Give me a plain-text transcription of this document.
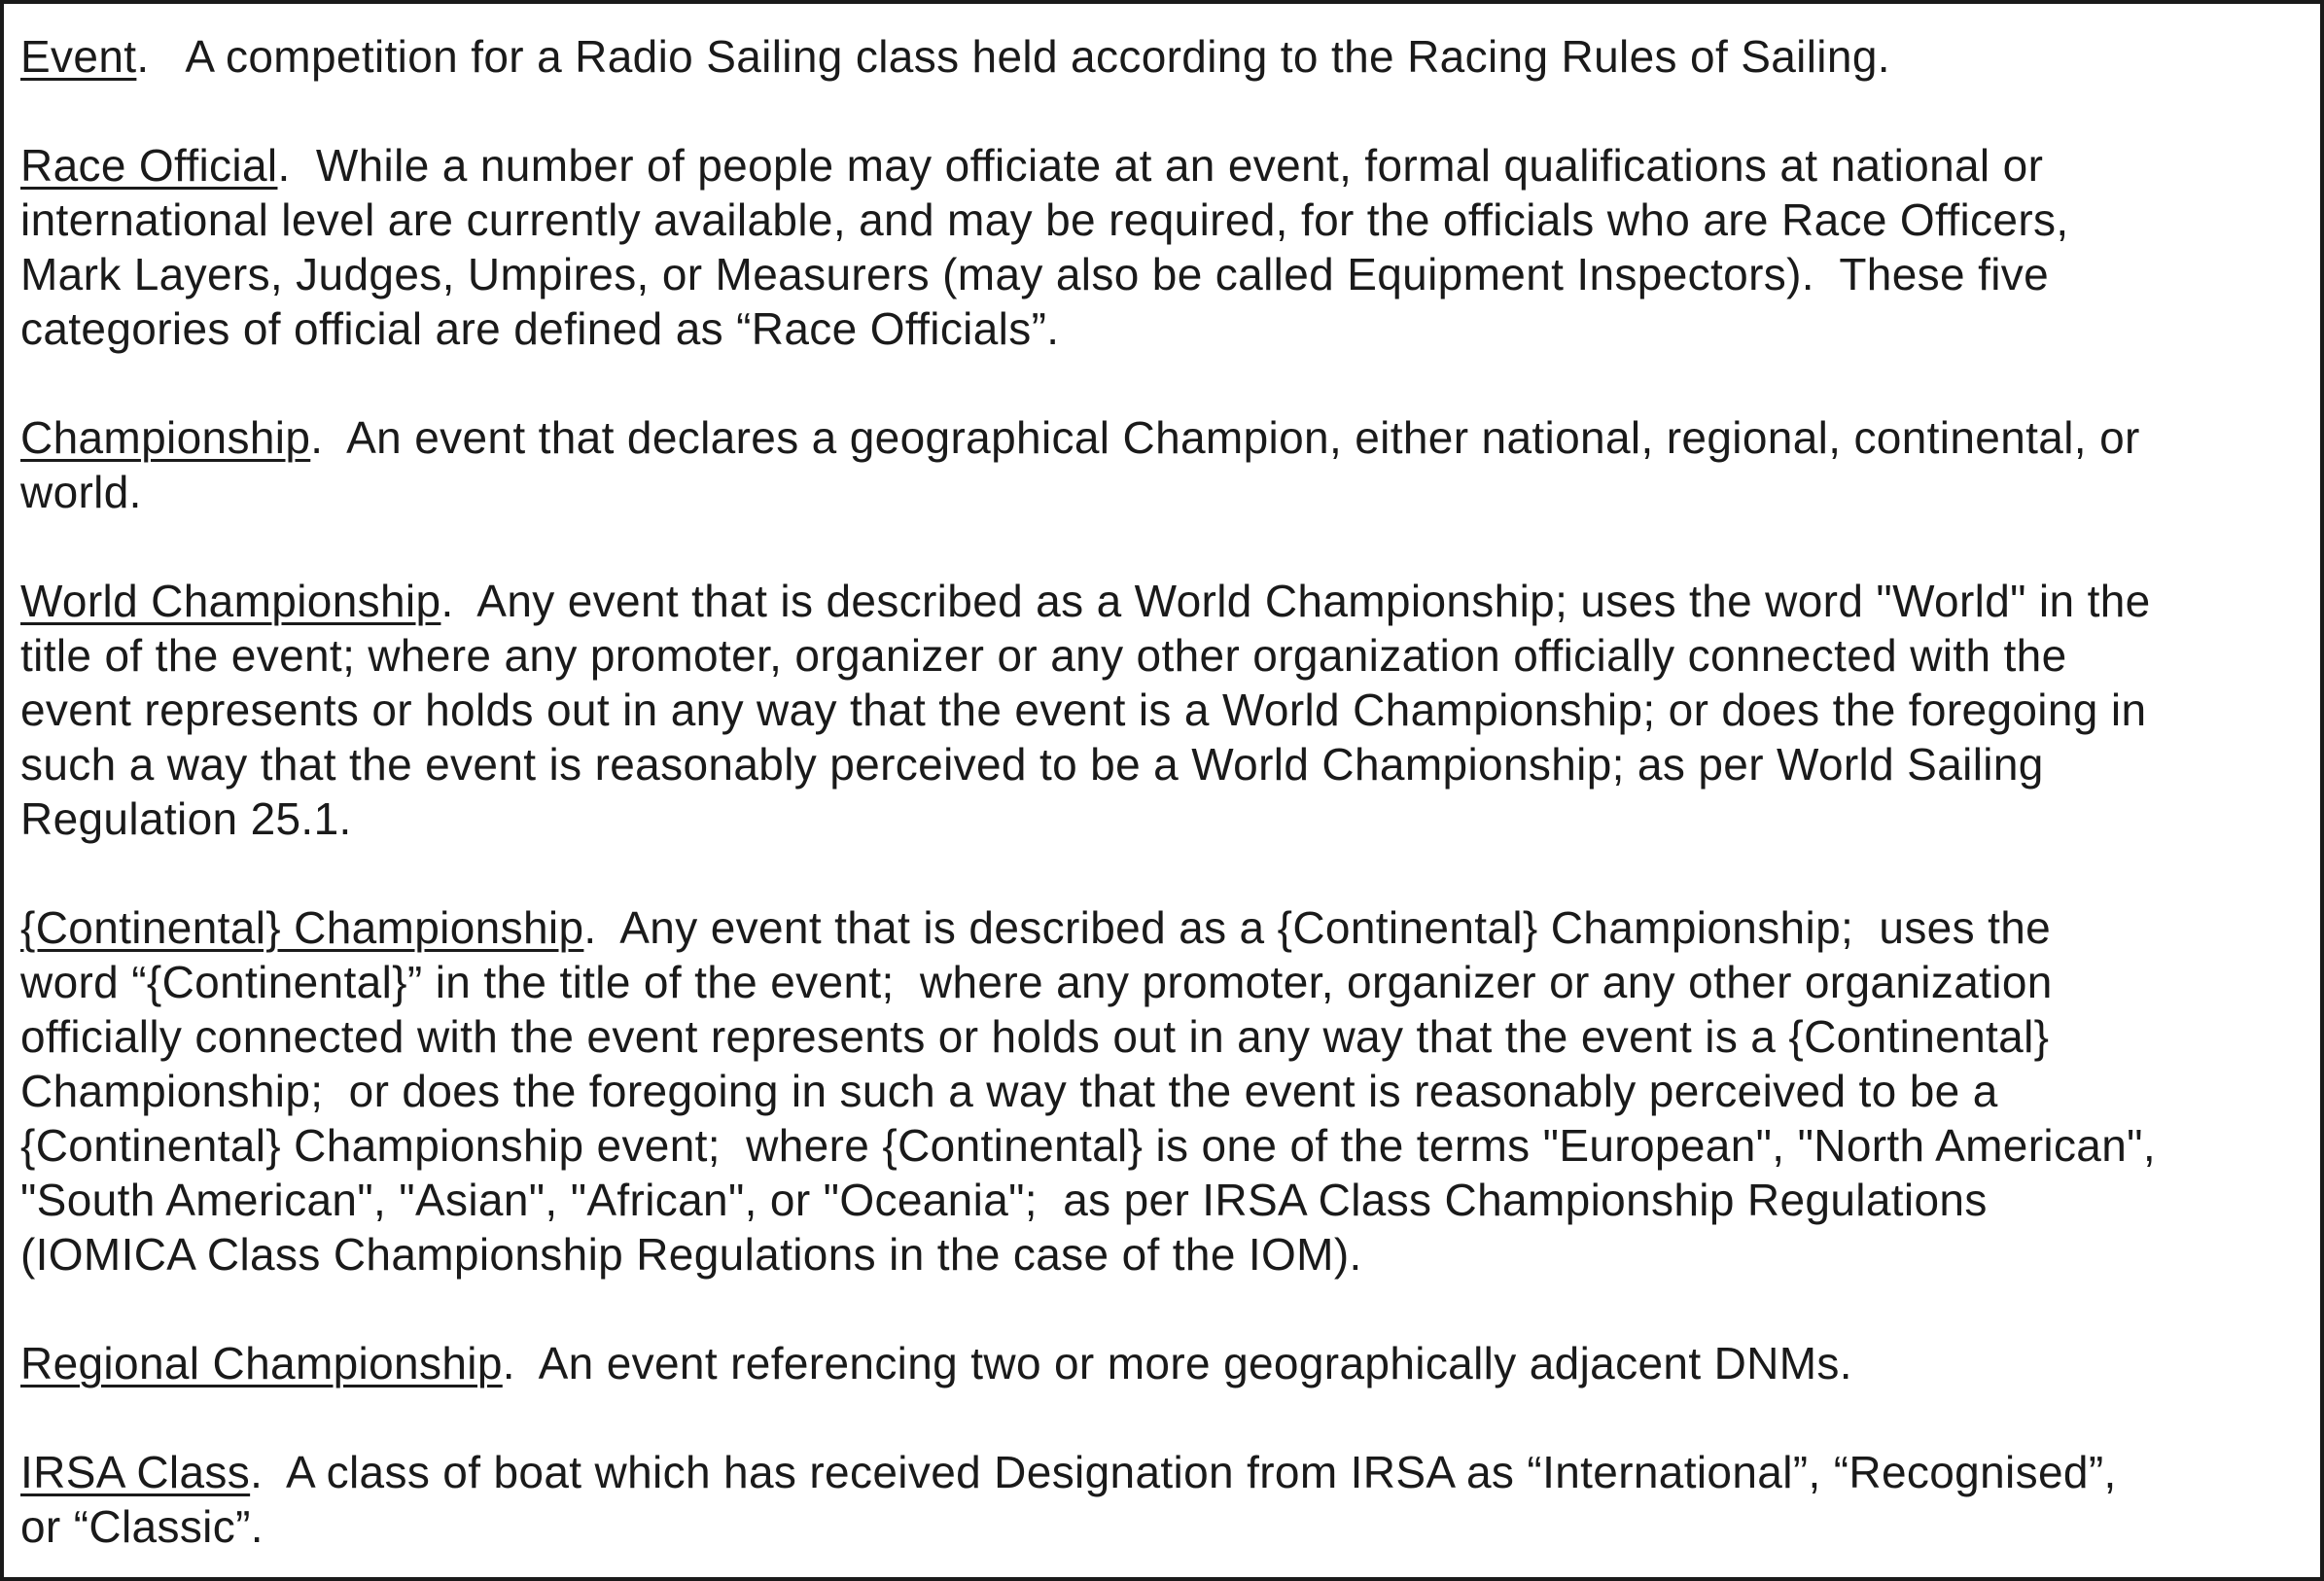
Event.   A competition for a Radio Sailing class held according to the Racing Rules of Sailing.

Race Official.  While a number of people may officiate at an event, formal qualifications at national or
international level are currently available, and may be required, for the officials who are Race Officers,
Mark Layers, Judges, Umpires, or Measurers (may also be called Equipment Inspectors).  These five
categories of official are defined as “Race Officials”.

Championship.  An event that declares a geographical Champion, either national, regional, continental, or
world.

World Championship.  Any event that is described as a World Championship; uses the word "World" in the
title of the event; where any promoter, organizer or any other organization officially connected with the
event represents or holds out in any way that the event is a World Championship; or does the foregoing in
such a way that the event is reasonably perceived to be a World Championship; as per World Sailing
Regulation 25.1.

{Continental} Championship.  Any event that is described as a {Continental} Championship;  uses the
word “{Continental}” in the title of the event;  where any promoter, organizer or any other organization
officially connected with the event represents or holds out in any way that the event is a {Continental}
Championship;  or does the foregoing in such a way that the event is reasonably perceived to be a
{Continental} Championship event;  where {Continental} is one of the terms "European", "North American",
"South American", "Asian", "African", or "Oceania";  as per IRSA Class Championship Regulations
(IOMICA Class Championship Regulations in the case of the IOM).

Regional Championship.  An event referencing two or more geographically adjacent DNMs.

IRSA Class.  A class of boat which has received Designation from IRSA as “International”, “Recognised”,
or “Classic”.
